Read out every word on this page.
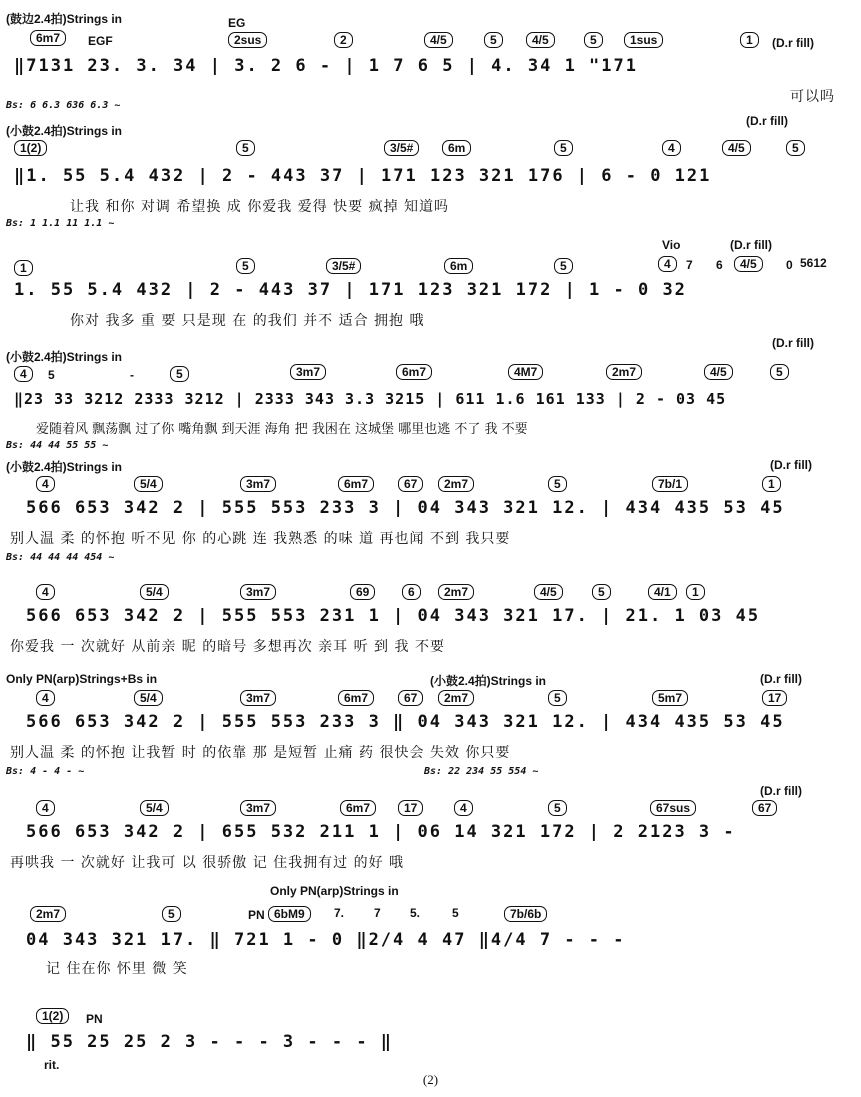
(鼓边2.4拍)Strings in	EG
6m7	EGF	2sus	2	4/5	5	4/5	5	1sus	1	(D.r fill)
‖7131 23. 3. 34 | 3. 2 6 - | 1 7 6 5 | 4. 34 1 "171
可以吗
Bs: 6 6.3 636 6.3 ~
(小鼓2.4拍)Strings in
(D.r fill)
1(2)	5	3/5#	6m	5	4	4/5	5
‖1. 55 5.4 432 | 2 - 443 37 | 171 123 321 176 | 6 - 0 121
让我 和你 对调 希望换 成 你爱我 爱得 快要 疯掉 知道吗
Bs: 1 1.1 11 1.1 ~
Vio	(D.r fill)
1	5	3/5#	6m	5	4	7 6	4/5	0 5612
1. 55 5.4 432 | 2 - 443 37 | 171 123 321 172 | 1 - 0 32
你对 我多 重 要 只是现 在 的我们 并不 适合 拥抱 哦
(小鼓2.4拍)Strings in
(D.r fill)
4	5	-	5	3m7	6m7	4M7	2m7	4/5	5
‖23 33 3212 2333 3212 | 2333 343 3.3 3215 | 611 1.6 161 133 | 2 - 03 45
爱随着风 飘荡飘 过了你 嘴角飘 到天涯 海角 把 我困在 这城堡 哪里也逃 不了 我 不要
Bs: 44 44 55 55 ~
(小鼓2.4拍)Strings in	(D.r fill)
4	5/4	3m7	6m7	67	2m7	5	7b/1	1
566 653 342 2 | 555 553 233 3 | 04 343 321 12. | 434 435 53 45
别人温 柔 的怀抱 听不见 你 的心跳 连 我熟悉 的味 道 再也闻 不到 我只要
Bs: 44 44 44 454 ~
4	5/4	3m7	69	6	2m7	4/5	5	4/1	1
566 653 342 2 | 555 553 231 1 | 04 343 321 17. | 21. 1 03 45
你爱我 一 次就好 从前亲 昵 的暗号 多想再次 亲耳 听 到 我 不要
Only PN(arp)Strings+Bs in	(小鼓2.4拍)Strings in	(D.r fill)
4	5/4	3m7	6m7	67	2m7	5	5m7	17
566 653 342 2 | 555 553 233 3 ‖ 04 343 321 12. | 434 435 53 45
别人温 柔 的怀抱 让我暂 时 的依靠 那 是短暂 止痛 药 很快会 失效 你只要
Bs: 4 - 4 - ~	Bs: 22 234 55 554 ~
(D.r fill)
4	5/4	3m7	6m7	17	4	5	67sus	67
566 653 342 2 | 655 532 211 1 | 06 14 321 172 | 2 2123 3 -
再哄我 一 次就好 让我可 以 很骄傲 记 住我拥有过 的好 哦
Only PN(arp)Strings in
2m7	5	PN 6bM9	7. 7 5.	5	7b/6b
04 343 321 17. ‖ 721 1 - 0 ‖2/4 4 47 ‖4/4 7 - - -
记 住在你 怀里 微 笑
1(2)	PN
‖ 55 25 25 2 3 - - - 3 - - - ‖
rit.
(2)
